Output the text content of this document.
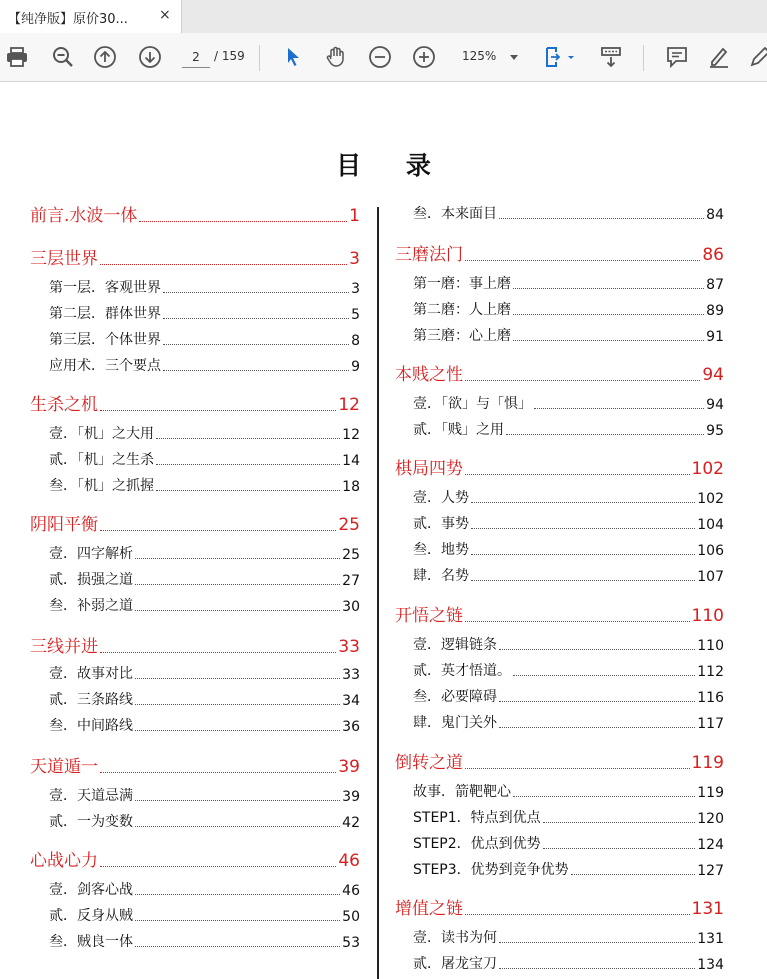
【纯净版】原价30... ×
2
/ 159	125%
目 录
前言.水波一体	1
三层世界	3
第一层．客观世界	3
第二层．群体世界	5
第三层．个体世界	8
应用术．三个要点	9
生杀之机	12
壹．「机」之大用	12
贰．「机」之生杀	14
叁．「机」之抓握	18
阴阳平衡	25
壹．四字解析	25
贰．损强之道	27
叁．补弱之道	30
三线并进	33
壹．故事对比	33
贰．三条路线	34
叁．中间路线	36
天道遁一	39
壹．天道忌满	39
贰．一为变数	42
心战心力	46
壹．剑客心战	46
贰．反身从贼	50
叁．贼良一体	53
叁．本来面目	84
三磨法门	86
第一磨：事上磨	87
第二磨：人上磨	89
第三磨：心上磨	91
本贱之性	94
壹．「欲」与「惧」	94
贰．「贱」之用	95
棋局四势	102
壹．人势	102
贰．事势	104
叁．地势	106
肆．名势	107
开悟之链	110
壹．逻辑链条	110
贰．英才悟道。	112
叁．必要障碍	116
肆．鬼门关外	117
倒转之道	119
故事．箭靶靶心	119
STEP1．特点到优点	120
STEP2．优点到优势	124
STEP3．优势到竞争优势	127
增值之链	131
壹．读书为何	131
贰．屠龙宝刀	134
